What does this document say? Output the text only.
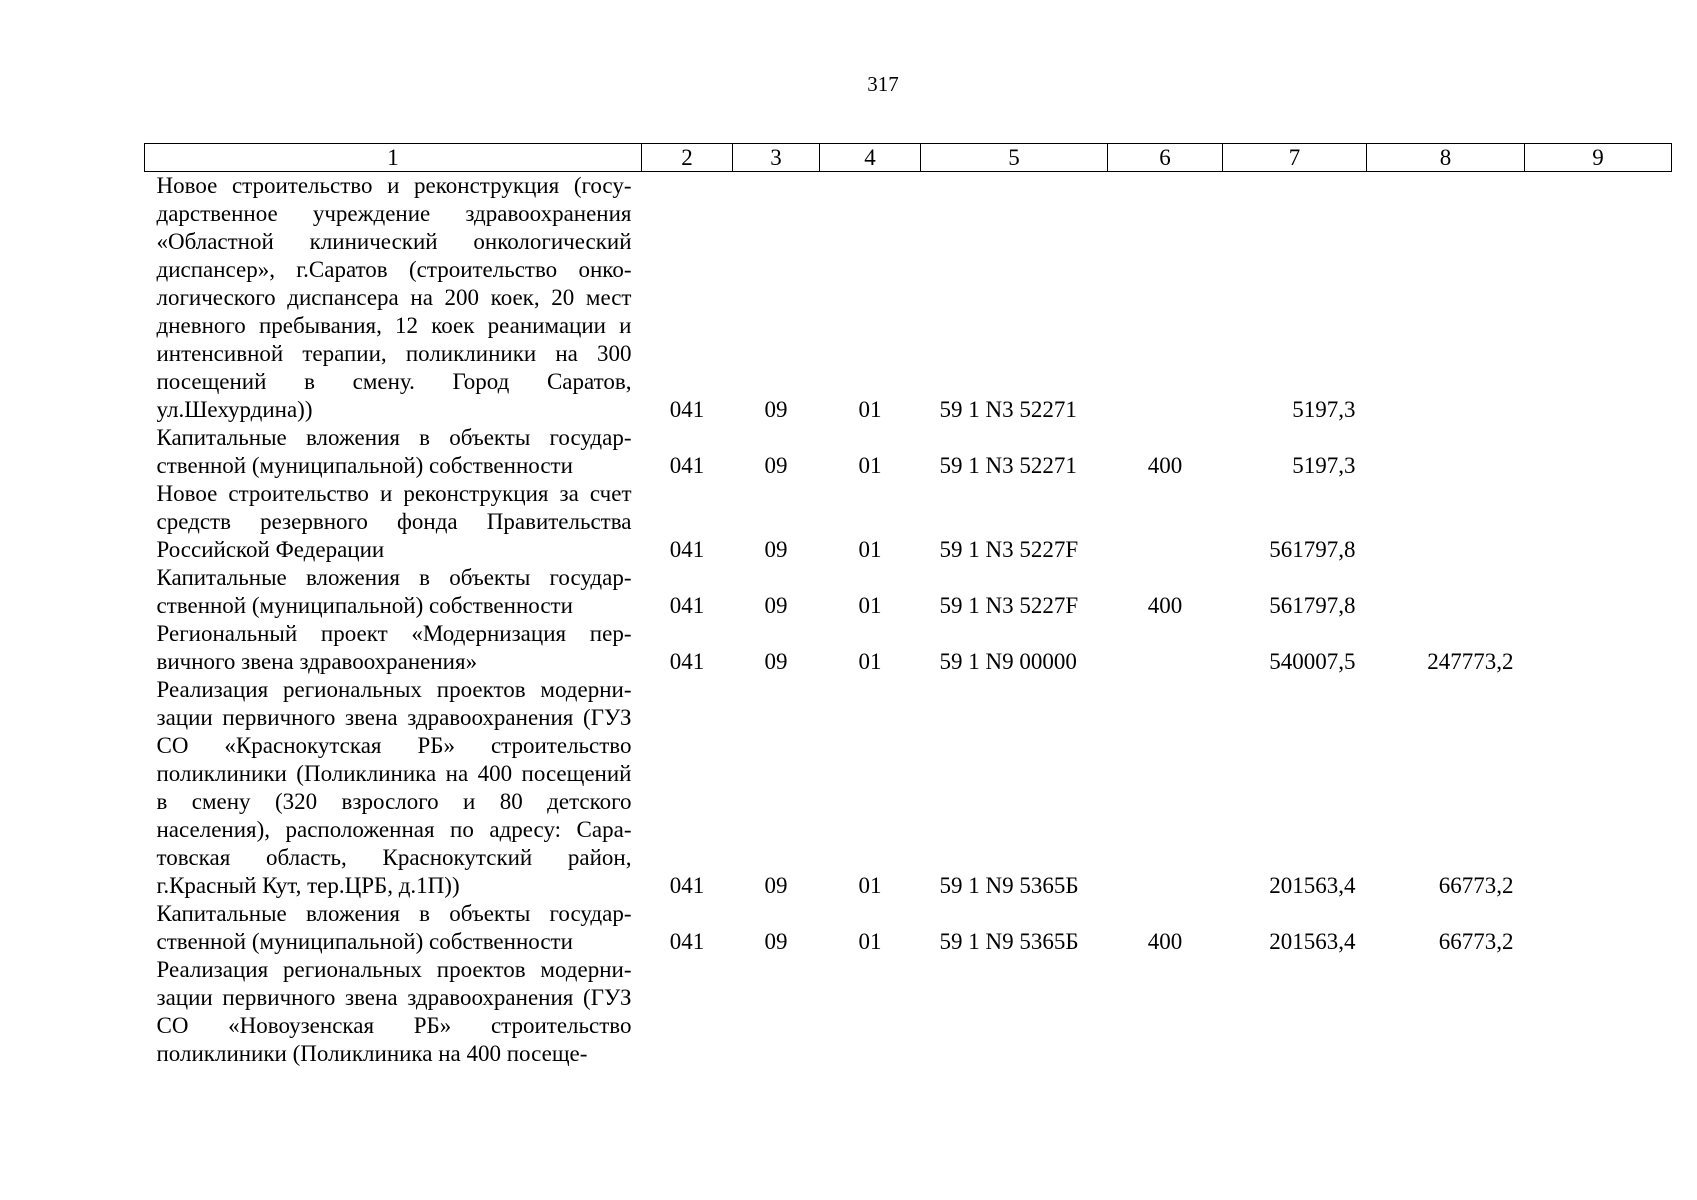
317
1	2	3	4	5	6	7	8	9
Новое строительство и реконструкция (государственное учреждение здравоохранения «Областной клинический онкологический диспансер», г.Саратов (строительство онкологического диспансера на 200 коек, 20 мест дневного пребывания, 12 коек реанимации и интенсивной терапии, поликлиники на 300 посещений в смену. Город Саратов, ул.Шехурдина))	041	09	01	59 1 N3 52271		5197,3		
Капитальные вложения в объекты государственной (муниципальной) собственности	041	09	01	59 1 N3 52271	400	5197,3		
Новое строительство и реконструкция за счет средств резервного фонда Правительства Российской Федерации	041	09	01	59 1 N3 5227F		561797,8		
Капитальные вложения в объекты государственной (муниципальной) собственности	041	09	01	59 1 N3 5227F	400	561797,8		
Региональный проект «Модернизация первичного звена здравоохранения»	041	09	01	59 1 N9 00000		540007,5	247773,2	
Реализация региональных проектов модернизации первичного звена здравоохранения (ГУЗ СО «Краснокутская РБ» строительство поликлиники (Поликлиника на 400 посещений в смену (320 взрослого и 80 детского населения), расположенная по адресу: Саратовская область, Краснокутский район, г.Красный Кут, тер.ЦРБ, д.1П))	041	09	01	59 1 N9 5365Б		201563,4	66773,2	
Капитальные вложения в объекты государственной (муниципальной) собственности	041	09	01	59 1 N9 5365Б	400	201563,4	66773,2	
Реализация региональных проектов модернизации первичного звена здравоохранения (ГУЗ СО «Новоузенская РБ» строительство поликлиники (Поликлиника на 400 посеще-								
